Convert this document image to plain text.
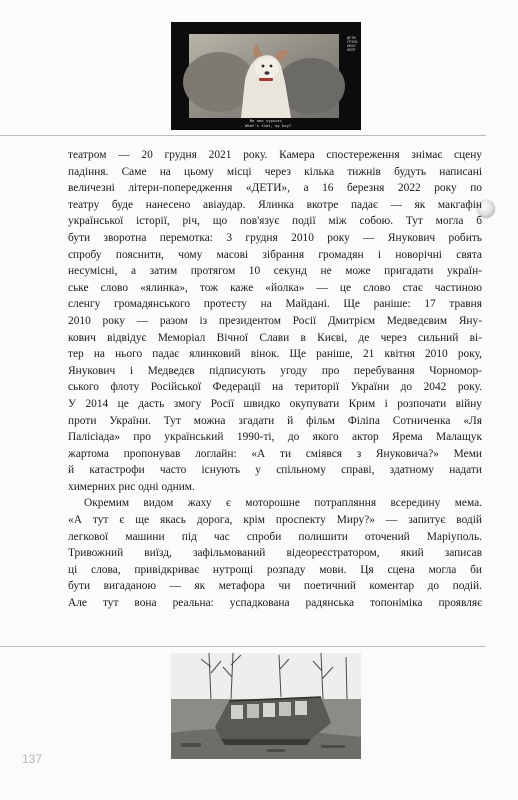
ДЕТИ
ГРУПА
ОБОЛ
НЕПР
Ma aon cypsvei
- What's that, my boy?

театром — 20 грудня 2021 року. Камера спостереження знімає сцену
падіння. Саме на цьому місці через кілька тижнів будуть написані
величезні літери-попередження «ДЕТИ», а 16 березня 2022 року по
театру буде нанесено авіаудар. Ялинка вкотре падає — як макгафін
української історії, річ, що пов'язує події між собою. Тут могла б
бути зворотна перемотка: 3 грудня 2010 року — Янукович робить
спробу пояснити, чому масові зібрання громадян і новорічні свята
несумісні, а затим протягом 10 секунд не може пригадати україн-
ське слово «ялинка», тож каже «йолка» — це слово стає частиною
сленгу громадянського протесту на Майдані. Ще раніше: 17 травня
2010 року — разом із президентом Росії Дмитрієм Медведєвим Яну-
кович відвідує Меморіал Вічної Слави в Києві, де через сильний ві-
тер на нього падає ялинковий вінок. Ще раніше, 21 квітня 2010 року,
Янукович і Медведєв підписують угоду про перебування Чорномор-
ського флоту Російської Федерації на території України до 2042 року.
У 2014 це дасть змогу Росії швидко окупувати Крим і розпочати війну
проти України. Тут можна згадати й фільм Філіпа Сотниченка «Ля
Палісіада» про український 1990-ті, до якого актор Ярема Малащук
жартома пропонував логлайн: «А ти сміявся з Януковича?» Меми
й катастрофи часто існують у спільному справі, здатному надати
химерних рис одні одним.

Окремим видом жаху є моторошне потрапляння всередину мема.
«А тут є ще якась дорога, крім проспекту Миру?» — запитує водій
легкової машини під час спроби полишити оточений Маріуполь.
Тривожний виїзд, зафільмований відеореєстратором, який записав
ці слова, привідкриває нутрощі розпаду мови. Ця сцена могла би
бути вигаданою — як метафора чи поетичний коментар до подій.
Але тут вона реальна: успадкована радянська топоніміка проявляє

137
